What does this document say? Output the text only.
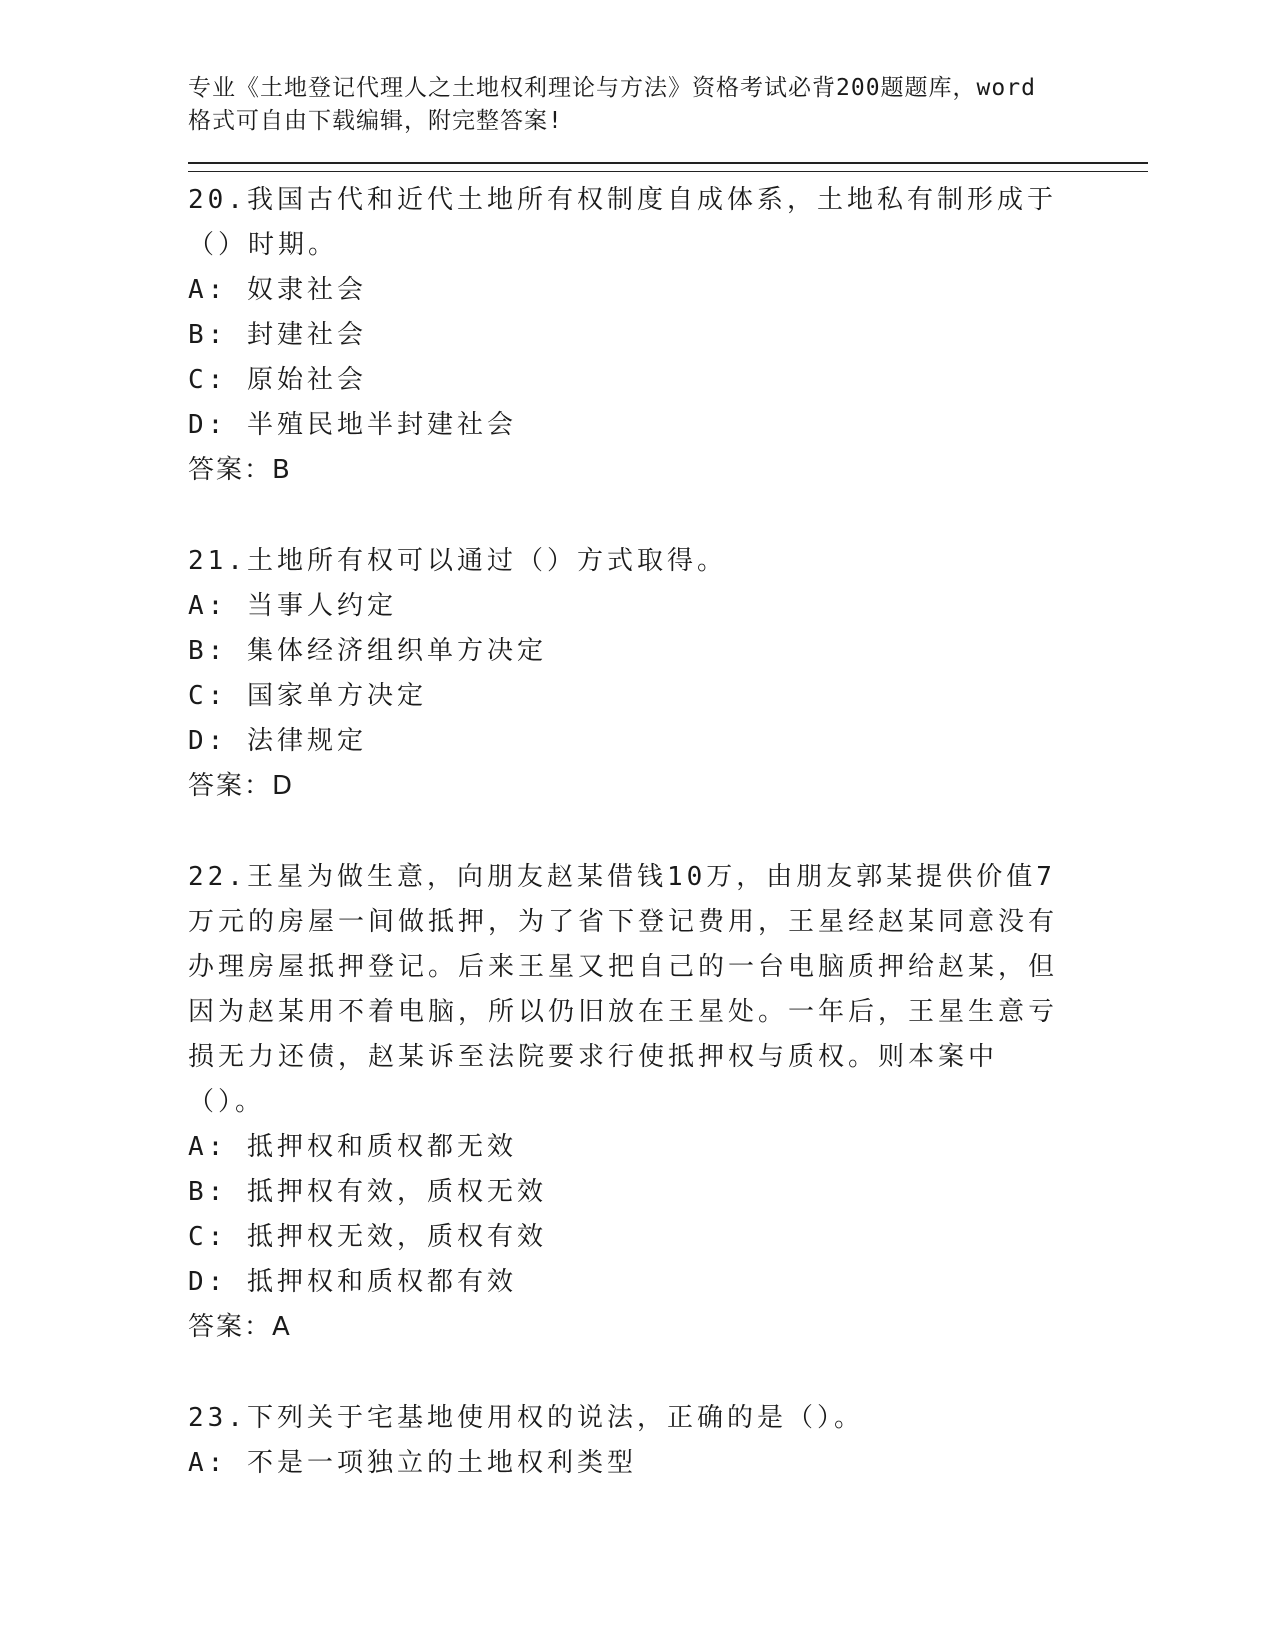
专业《土地登记代理人之土地权利理论与方法》资格考试必背200题题库，word
格式可自由下载编辑，附完整答案!
20.我国古代和近代土地所有权制度自成体系，土地私有制形成于（）时期。
A: 奴隶社会
B: 封建社会
C: 原始社会
D: 半殖民地半封建社会
答案：B
21.土地所有权可以通过（）方式取得。
A: 当事人约定
B: 集体经济组织单方决定
C: 国家单方决定
D: 法律规定
答案：D
22.王星为做生意，向朋友赵某借钱10万，由朋友郭某提供价值7万元的房屋一间做抵押，为了省下登记费用，王星经赵某同意没有办理房屋抵押登记。后来王星又把自己的一台电脑质押给赵某，但因为赵某用不着电脑，所以仍旧放在王星处。一年后，王星生意亏损无力还债，赵某诉至法院要求行使抵押权与质权。则本案中（）。
A: 抵押权和质权都无效
B: 抵押权有效，质权无效
C: 抵押权无效，质权有效
D: 抵押权和质权都有效
答案：A
23.下列关于宅基地使用权的说法，正确的是（）。
A: 不是一项独立的土地权利类型
